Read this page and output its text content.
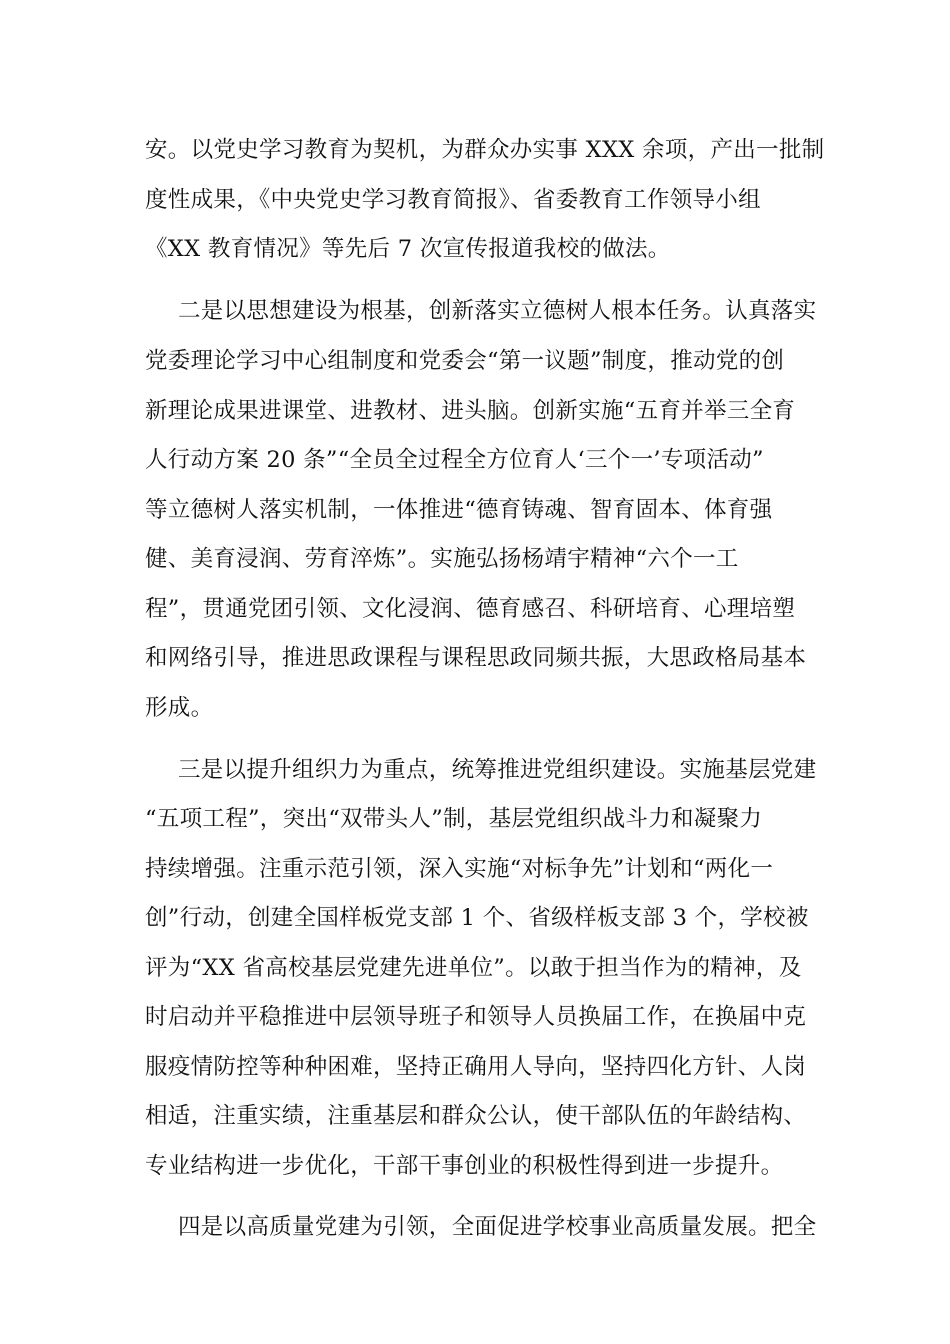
安。以党史学习教育为契机，为群众办实事 XXX 余项，产出一批制
度性成果，《中央党史学习教育简报》、省委教育工作领导小组
《XX 教育情况》等先后 7 次宣传报道我校的做法。
二是以思想建设为根基，创新落实立德树人根本任务。认真落实
党委理论学习中心组制度和党委会“第一议题”制度，推动党的创
新理论成果进课堂、进教材、进头脑。创新实施“五育并举三全育
人行动方案 20 条”“全员全过程全方位育人‘三个一’专项活动”
等立德树人落实机制，一体推进“德育铸魂、智育固本、体育强
健、美育浸润、劳育淬炼”。实施弘扬杨靖宇精神“六个一工
程”，贯通党团引领、文化浸润、德育感召、科研培育、心理培塑
和网络引导，推进思政课程与课程思政同频共振，大思政格局基本
形成。
三是以提升组织力为重点，统筹推进党组织建设。实施基层党建
“五项工程”，突出“双带头人”制，基层党组织战斗力和凝聚力
持续增强。注重示范引领，深入实施“对标争先”计划和“两化一
创”行动，创建全国样板党支部 1 个、省级样板支部 3 个，学校被
评为“XX 省高校基层党建先进单位”。以敢于担当作为的精神，及
时启动并平稳推进中层领导班子和领导人员换届工作，在换届中克
服疫情防控等种种困难，坚持正确用人导向，坚持四化方针、人岗
相适，注重实绩，注重基层和群众公认，使干部队伍的年龄结构、
专业结构进一步优化，干部干事创业的积极性得到进一步提升。
四是以高质量党建为引领，全面促进学校事业高质量发展。把全
